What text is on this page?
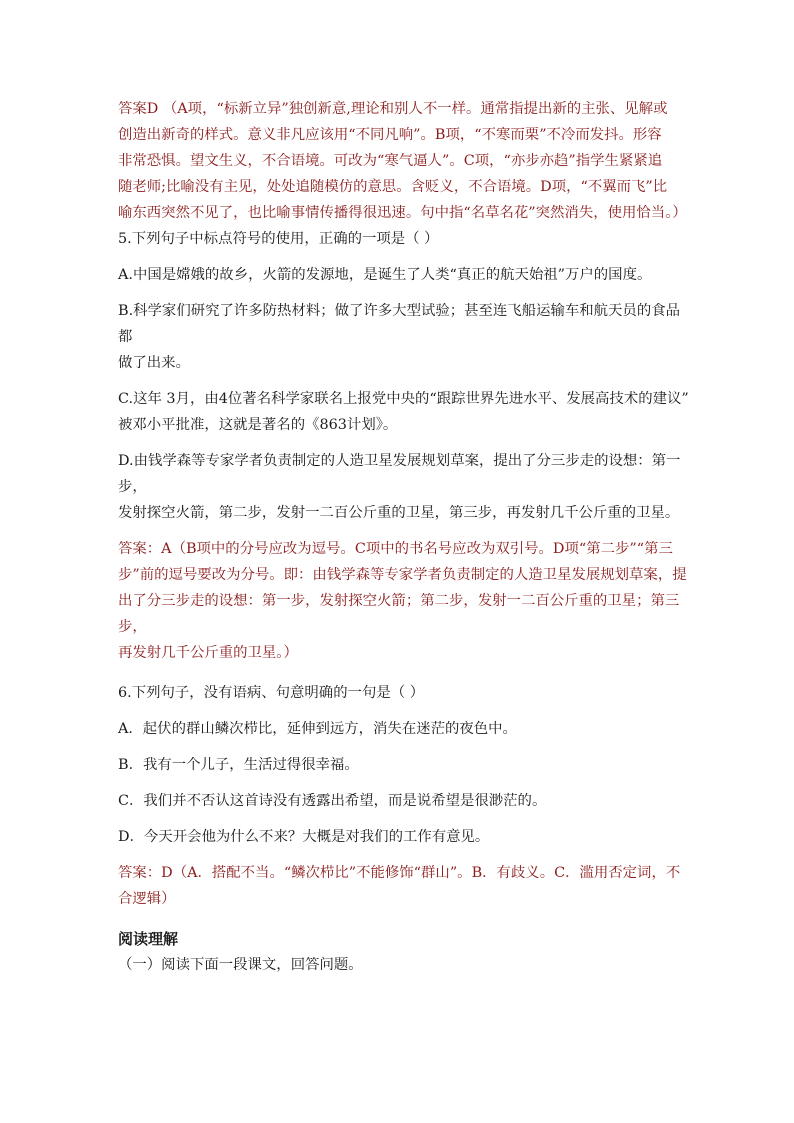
答案D （A项，“标新立异”独创新意,理论和别人不一样。通常指提出新的主张、见解或

创造出新奇的样式。意义非凡应该用“不同凡响”。B项，“不寒而栗”不冷而发抖。形容

非常恐惧。望文生义，不合语境。可改为“寒气逼人”。C项，“亦步亦趋”指学生紧紧追

随老师;比喻没有主见，处处追随模仿的意思。含贬义，不合语境。D项，“不翼而飞”比

喻东西突然不见了，也比喻事情传播得很迅速。句中指“名草名花”突然消失，使用恰当。）

5.下列句子中标点符号的使用，正确的一项是（ ）

A.中国是嫦娥的故乡，火箭的发源地，是诞生了人类“真正的航天始祖”万户的国度。

B.科学家们研究了许多防热材料；做了许多大型试验；甚至连飞船运输车和航天员的食品都
做了出来。

C.这年 3月，由4位著名科学家联名上报党中央的“跟踪世界先进水平、发展高技术的建议”
被邓小平批准，这就是著名的《863计划》。

D.由钱学森等专家学者负责制定的人造卫星发展规划草案，提出了分三步走的设想：第一步，
发射探空火箭，第二步，发射一二百公斤重的卫星，第三步，再发射几千公斤重的卫星。

答案：A（B项中的分号应改为逗号。C项中的书名号应改为双引号。D项“第二步”“第三
步”前的逗号要改为分号。即：由钱学森等专家学者负责制定的人造卫星发展规划草案，提
出了分三步走的设想：第一步，发射探空火箭；第二步，发射一二百公斤重的卫星；第三步，
再发射几千公斤重的卫星。）

6.下列句子，没有语病、句意明确的一句是（ ）

A．起伏的群山鳞次栉比，延伸到远方，消失在迷茫的夜色中。

B．我有一个儿子，生活过得很幸福。

C．我们并不否认这首诗没有透露出希望，而是说希望是很渺茫的。

D．今天开会他为什么不来？大概是对我们的工作有意见。

答案：D（A．搭配不当。“鳞次栉比”不能修饰“群山”。B．有歧义。C．滥用否定词，不
合逻辑）

阅读理解

（一）阅读下面一段课文，回答问题。
